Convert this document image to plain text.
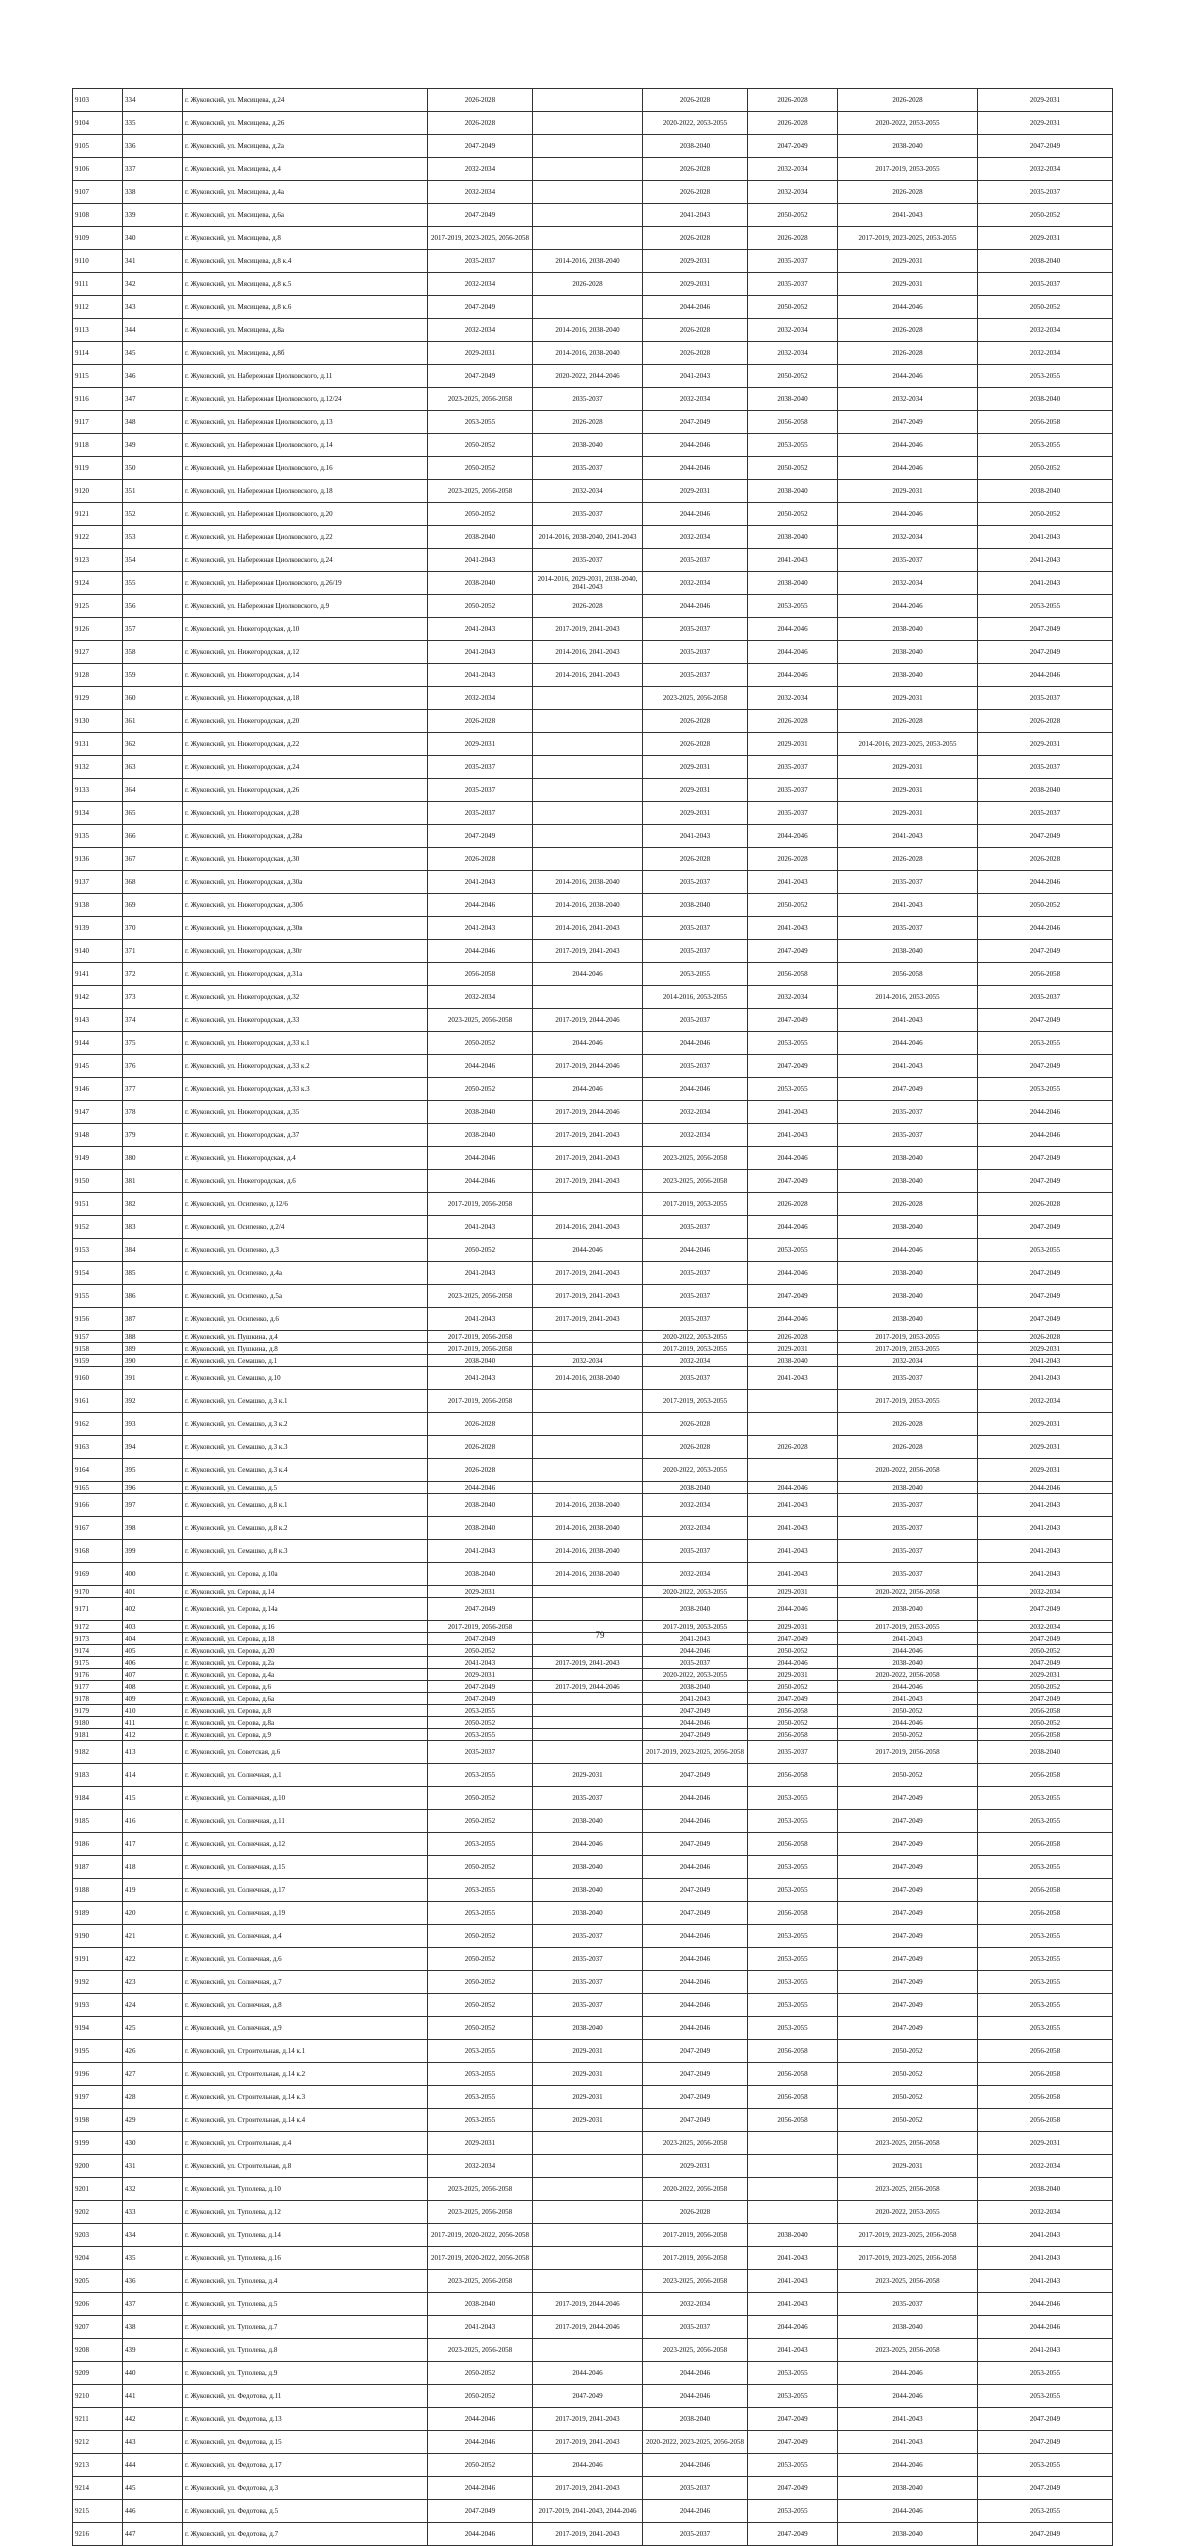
9103	334	г. Жуковский, ул. Мясищева, д.24	2026-2028		2026-2028	2026-2028	2026-2028	2029-2031
9104	335	г. Жуковский, ул. Мясищева, д.26	2026-2028		2020-2022, 2053-2055	2026-2028	2020-2022, 2053-2055	2029-2031
9105	336	г. Жуковский, ул. Мясищева, д.2а	2047-2049		2038-2040	2047-2049	2038-2040	2047-2049
9106	337	г. Жуковский, ул. Мясищева, д.4	2032-2034		2026-2028	2032-2034	2017-2019, 2053-2055	2032-2034
9107	338	г. Жуковский, ул. Мясищева, д.4а	2032-2034		2026-2028	2032-2034	2026-2028	2035-2037
9108	339	г. Жуковский, ул. Мясищева, д.6а	2047-2049		2041-2043	2050-2052	2041-2043	2050-2052
9109	340	г. Жуковский, ул. Мясищева, д.8	2017-2019, 2023-2025, 2056-2058		2026-2028	2026-2028	2017-2019, 2023-2025, 2053-2055	2029-2031
9110	341	г. Жуковский, ул. Мясищева, д.8 к.4	2035-2037	2014-2016, 2038-2040	2029-2031	2035-2037	2029-2031	2038-2040
9111	342	г. Жуковский, ул. Мясищева, д.8 к.5	2032-2034	2026-2028	2029-2031	2035-2037	2029-2031	2035-2037
9112	343	г. Жуковский, ул. Мясищева, д.8 к.6	2047-2049		2044-2046	2050-2052	2044-2046	2050-2052
9113	344	г. Жуковский, ул. Мясищева, д.8а	2032-2034	2014-2016, 2038-2040	2026-2028	2032-2034	2026-2028	2032-2034
9114	345	г. Жуковский, ул. Мясищева, д.8б	2029-2031	2014-2016, 2038-2040	2026-2028	2032-2034	2026-2028	2032-2034
9115	346	г. Жуковский, ул. Набережная Циолковского, д.11	2047-2049	2020-2022, 2044-2046	2041-2043	2050-2052	2044-2046	2053-2055
9116	347	г. Жуковский, ул. Набережная Циолковского, д.12/24	2023-2025, 2056-2058	2035-2037	2032-2034	2038-2040	2032-2034	2038-2040
9117	348	г. Жуковский, ул. Набережная Циолковского, д.13	2053-2055	2026-2028	2047-2049	2056-2058	2047-2049	2056-2058
9118	349	г. Жуковский, ул. Набережная Циолковского, д.14	2050-2052	2038-2040	2044-2046	2053-2055	2044-2046	2053-2055
9119	350	г. Жуковский, ул. Набережная Циолковского, д.16	2050-2052	2035-2037	2044-2046	2050-2052	2044-2046	2050-2052
9120	351	г. Жуковский, ул. Набережная Циолковского, д.18	2023-2025, 2056-2058	2032-2034	2029-2031	2038-2040	2029-2031	2038-2040
9121	352	г. Жуковский, ул. Набережная Циолковского, д.20	2050-2052	2035-2037	2044-2046	2050-2052	2044-2046	2050-2052
9122	353	г. Жуковский, ул. Набережная Циолковского, д.22	2038-2040	2014-2016, 2038-2040, 2041-2043	2032-2034	2038-2040	2032-2034	2041-2043
9123	354	г. Жуковский, ул. Набережная Циолковского, д.24	2041-2043	2035-2037	2035-2037	2041-2043	2035-2037	2041-2043
9124	355	г. Жуковский, ул. Набережная Циолковского, д.26/19	2038-2040	2014-2016, 2029-2031, 2038-2040, 2041-2043	2032-2034	2038-2040	2032-2034	2041-2043
9125	356	г. Жуковский, ул. Набережная Циолковского, д.9	2050-2052	2026-2028	2044-2046	2053-2055	2044-2046	2053-2055
9126	357	г. Жуковский, ул. Нижегородская, д.10	2041-2043	2017-2019, 2041-2043	2035-2037	2044-2046	2038-2040	2047-2049
9127	358	г. Жуковский, ул. Нижегородская, д.12	2041-2043	2014-2016, 2041-2043	2035-2037	2044-2046	2038-2040	2047-2049
9128	359	г. Жуковский, ул. Нижегородская, д.14	2041-2043	2014-2016, 2041-2043	2035-2037	2044-2046	2038-2040	2044-2046
9129	360	г. Жуковский, ул. Нижегородская, д.18	2032-2034		2023-2025, 2056-2058	2032-2034	2029-2031	2035-2037
9130	361	г. Жуковский, ул. Нижегородская, д.20	2026-2028		2026-2028	2026-2028	2026-2028	2026-2028
9131	362	г. Жуковский, ул. Нижегородская, д.22	2029-2031		2026-2028	2029-2031	2014-2016, 2023-2025, 2053-2055	2029-2031
9132	363	г. Жуковский, ул. Нижегородская, д.24	2035-2037		2029-2031	2035-2037	2029-2031	2035-2037
9133	364	г. Жуковский, ул. Нижегородская, д.26	2035-2037		2029-2031	2035-2037	2029-2031	2038-2040
9134	365	г. Жуковский, ул. Нижегородская, д.28	2035-2037		2029-2031	2035-2037	2029-2031	2035-2037
9135	366	г. Жуковский, ул. Нижегородская, д.28а	2047-2049		2041-2043	2044-2046	2041-2043	2047-2049
9136	367	г. Жуковский, ул. Нижегородская, д.30	2026-2028		2026-2028	2026-2028	2026-2028	2026-2028
9137	368	г. Жуковский, ул. Нижегородская, д.30а	2041-2043	2014-2016, 2038-2040	2035-2037	2041-2043	2035-2037	2044-2046
9138	369	г. Жуковский, ул. Нижегородская, д.30б	2044-2046	2014-2016, 2038-2040	2038-2040	2050-2052	2041-2043	2050-2052
9139	370	г. Жуковский, ул. Нижегородская, д.30в	2041-2043	2014-2016, 2041-2043	2035-2037	2041-2043	2035-2037	2044-2046
9140	371	г. Жуковский, ул. Нижегородская, д.30г	2044-2046	2017-2019, 2041-2043	2035-2037	2047-2049	2038-2040	2047-2049
9141	372	г. Жуковский, ул. Нижегородская, д.31а	2056-2058	2044-2046	2053-2055	2056-2058	2056-2058	2056-2058
9142	373	г. Жуковский, ул. Нижегородская, д.32	2032-2034		2014-2016, 2053-2055	2032-2034	2014-2016, 2053-2055	2035-2037
9143	374	г. Жуковский, ул. Нижегородская, д.33	2023-2025, 2056-2058	2017-2019, 2044-2046	2035-2037	2047-2049	2041-2043	2047-2049
9144	375	г. Жуковский, ул. Нижегородская, д.33 к.1	2050-2052	2044-2046	2044-2046	2053-2055	2044-2046	2053-2055
9145	376	г. Жуковский, ул. Нижегородская, д.33 к.2	2044-2046	2017-2019, 2044-2046	2035-2037	2047-2049	2041-2043	2047-2049
9146	377	г. Жуковский, ул. Нижегородская, д.33 к.3	2050-2052	2044-2046	2044-2046	2053-2055	2047-2049	2053-2055
9147	378	г. Жуковский, ул. Нижегородская, д.35	2038-2040	2017-2019, 2044-2046	2032-2034	2041-2043	2035-2037	2044-2046
9148	379	г. Жуковский, ул. Нижегородская, д.37	2038-2040	2017-2019, 2041-2043	2032-2034	2041-2043	2035-2037	2044-2046
9149	380	г. Жуковский, ул. Нижегородская, д.4	2044-2046	2017-2019, 2041-2043	2023-2025, 2056-2058	2044-2046	2038-2040	2047-2049
9150	381	г. Жуковский, ул. Нижегородская, д.6	2044-2046	2017-2019, 2041-2043	2023-2025, 2056-2058	2047-2049	2038-2040	2047-2049
9151	382	г. Жуковский, ул. Осипенко, д.12/6	2017-2019, 2056-2058		2017-2019, 2053-2055	2026-2028	2026-2028	2026-2028
9152	383	г. Жуковский, ул. Осипенко, д.2/4	2041-2043	2014-2016, 2041-2043	2035-2037	2044-2046	2038-2040	2047-2049
9153	384	г. Жуковский, ул. Осипенко, д.3	2050-2052	2044-2046	2044-2046	2053-2055	2044-2046	2053-2055
9154	385	г. Жуковский, ул. Осипенко, д.4а	2041-2043	2017-2019, 2041-2043	2035-2037	2044-2046	2038-2040	2047-2049
9155	386	г. Жуковский, ул. Осипенко, д.5а	2023-2025, 2056-2058	2017-2019, 2041-2043	2035-2037	2047-2049	2038-2040	2047-2049
9156	387	г. Жуковский, ул. Осипенко, д.6	2041-2043	2017-2019, 2041-2043	2035-2037	2044-2046	2038-2040	2047-2049
9157	388	г. Жуковский, ул. Пушкина, д.4	2017-2019, 2056-2058		2020-2022, 2053-2055	2026-2028	2017-2019, 2053-2055	2026-2028
9158	389	г. Жуковский, ул. Пушкина, д.8	2017-2019, 2056-2058		2017-2019, 2053-2055	2029-2031	2017-2019, 2053-2055	2029-2031
9159	390	г. Жуковский, ул. Семашко, д.1	2038-2040	2032-2034	2032-2034	2038-2040	2032-2034	2041-2043
9160	391	г. Жуковский, ул. Семашко, д.10	2041-2043	2014-2016, 2038-2040	2035-2037	2041-2043	2035-2037	2041-2043
9161	392	г. Жуковский, ул. Семашко, д.3 к.1	2017-2019, 2056-2058		2017-2019, 2053-2055		2017-2019, 2053-2055	2032-2034
9162	393	г. Жуковский, ул. Семашко, д.3 к.2	2026-2028		2026-2028		2026-2028	2029-2031
9163	394	г. Жуковский, ул. Семашко, д.3 к.3	2026-2028		2026-2028	2026-2028	2026-2028	2029-2031
9164	395	г. Жуковский, ул. Семашко, д.3 к.4	2026-2028		2020-2022, 2053-2055		2020-2022, 2056-2058	2029-2031
9165	396	г. Жуковский, ул. Семашко, д.5	2044-2046		2038-2040	2044-2046	2038-2040	2044-2046
9166	397	г. Жуковский, ул. Семашко, д.8 к.1	2038-2040	2014-2016, 2038-2040	2032-2034	2041-2043	2035-2037	2041-2043
9167	398	г. Жуковский, ул. Семашко, д.8 к.2	2038-2040	2014-2016, 2038-2040	2032-2034	2041-2043	2035-2037	2041-2043
9168	399	г. Жуковский, ул. Семашко, д.8 к.3	2041-2043	2014-2016, 2038-2040	2035-2037	2041-2043	2035-2037	2041-2043
9169	400	г. Жуковский, ул. Серова, д.10а	2038-2040	2014-2016, 2038-2040	2032-2034	2041-2043	2035-2037	2041-2043
9170	401	г. Жуковский, ул. Серова, д.14	2029-2031		2020-2022, 2053-2055	2029-2031	2020-2022, 2056-2058	2032-2034
9171	402	г. Жуковский, ул. Серова, д.14а	2047-2049		2038-2040	2044-2046	2038-2040	2047-2049
9172	403	г. Жуковский, ул. Серова, д.16	2017-2019, 2056-2058		2017-2019, 2053-2055	2029-2031	2017-2019, 2053-2055	2032-2034
9173	404	г. Жуковский, ул. Серова, д.18	2047-2049		2041-2043	2047-2049	2041-2043	2047-2049
9174	405	г. Жуковский, ул. Серова, д.20	2050-2052		2044-2046	2050-2052	2044-2046	2050-2052
9175	406	г. Жуковский, ул. Серова, д.2а	2041-2043	2017-2019, 2041-2043	2035-2037	2044-2046	2038-2040	2047-2049
9176	407	г. Жуковский, ул. Серова, д.4а	2029-2031		2020-2022, 2053-2055	2029-2031	2020-2022, 2056-2058	2029-2031
9177	408	г. Жуковский, ул. Серова, д.6	2047-2049	2017-2019, 2044-2046	2038-2040	2050-2052	2044-2046	2050-2052
9178	409	г. Жуковский, ул. Серова, д.6а	2047-2049		2041-2043	2047-2049	2041-2043	2047-2049
9179	410	г. Жуковский, ул. Серова, д.8	2053-2055		2047-2049	2056-2058	2050-2052	2056-2058
9180	411	г. Жуковский, ул. Серова, д.8а	2050-2052		2044-2046	2050-2052	2044-2046	2050-2052
9181	412	г. Жуковский, ул. Серова, д.9	2053-2055		2047-2049	2056-2058	2050-2052	2056-2058
9182	413	г. Жуковский, ул. Советская, д.6	2035-2037		2017-2019, 2023-2025, 2056-2058	2035-2037	2017-2019, 2056-2058	2038-2040
9183	414	г. Жуковский, ул. Солнечная, д.1	2053-2055	2029-2031	2047-2049	2056-2058	2050-2052	2056-2058
9184	415	г. Жуковский, ул. Солнечная, д.10	2050-2052	2035-2037	2044-2046	2053-2055	2047-2049	2053-2055
9185	416	г. Жуковский, ул. Солнечная, д.11	2050-2052	2038-2040	2044-2046	2053-2055	2047-2049	2053-2055
9186	417	г. Жуковский, ул. Солнечная, д.12	2053-2055	2044-2046	2047-2049	2056-2058	2047-2049	2056-2058
9187	418	г. Жуковский, ул. Солнечная, д.15	2050-2052	2038-2040	2044-2046	2053-2055	2047-2049	2053-2055
9188	419	г. Жуковский, ул. Солнечная, д.17	2053-2055	2038-2040	2047-2049	2053-2055	2047-2049	2056-2058
9189	420	г. Жуковский, ул. Солнечная, д.19	2053-2055	2038-2040	2047-2049	2056-2058	2047-2049	2056-2058
9190	421	г. Жуковский, ул. Солнечная, д.4	2050-2052	2035-2037	2044-2046	2053-2055	2047-2049	2053-2055
9191	422	г. Жуковский, ул. Солнечная, д.6	2050-2052	2035-2037	2044-2046	2053-2055	2047-2049	2053-2055
9192	423	г. Жуковский, ул. Солнечная, д.7	2050-2052	2035-2037	2044-2046	2053-2055	2047-2049	2053-2055
9193	424	г. Жуковский, ул. Солнечная, д.8	2050-2052	2035-2037	2044-2046	2053-2055	2047-2049	2053-2055
9194	425	г. Жуковский, ул. Солнечная, д.9	2050-2052	2038-2040	2044-2046	2053-2055	2047-2049	2053-2055
9195	426	г. Жуковский, ул. Строительная, д.14 к.1	2053-2055	2029-2031	2047-2049	2056-2058	2050-2052	2056-2058
9196	427	г. Жуковский, ул. Строительная, д.14 к.2	2053-2055	2029-2031	2047-2049	2056-2058	2050-2052	2056-2058
9197	428	г. Жуковский, ул. Строительная, д.14 к.3	2053-2055	2029-2031	2047-2049	2056-2058	2050-2052	2056-2058
9198	429	г. Жуковский, ул. Строительная, д.14 к.4	2053-2055	2029-2031	2047-2049	2056-2058	2050-2052	2056-2058
9199	430	г. Жуковский, ул. Строительная, д.4	2029-2031		2023-2025, 2056-2058		2023-2025, 2056-2058	2029-2031
9200	431	г. Жуковский, ул. Строительная, д.8	2032-2034		2029-2031		2029-2031	2032-2034
9201	432	г. Жуковский, ул. Туполева, д.10	2023-2025, 2056-2058		2020-2022, 2056-2058		2023-2025, 2056-2058	2038-2040
9202	433	г. Жуковский, ул. Туполева, д.12	2023-2025, 2056-2058		2026-2028		2020-2022, 2053-2055	2032-2034
9203	434	г. Жуковский, ул. Туполева, д.14	2017-2019, 2020-2022, 2056-2058		2017-2019, 2056-2058	2038-2040	2017-2019, 2023-2025, 2056-2058	2041-2043
9204	435	г. Жуковский, ул. Туполева, д.16	2017-2019, 2020-2022, 2056-2058		2017-2019, 2056-2058	2041-2043	2017-2019, 2023-2025, 2056-2058	2041-2043
9205	436	г. Жуковский, ул. Туполева, д.4	2023-2025, 2056-2058		2023-2025, 2056-2058	2041-2043	2023-2025, 2056-2058	2041-2043
9206	437	г. Жуковский, ул. Туполева, д.5	2038-2040	2017-2019, 2044-2046	2032-2034	2041-2043	2035-2037	2044-2046
9207	438	г. Жуковский, ул. Туполева, д.7	2041-2043	2017-2019, 2044-2046	2035-2037	2044-2046	2038-2040	2044-2046
9208	439	г. Жуковский, ул. Туполева, д.8	2023-2025, 2056-2058		2023-2025, 2056-2058	2041-2043	2023-2025, 2056-2058	2041-2043
9209	440	г. Жуковский, ул. Туполева, д.9	2050-2052	2044-2046	2044-2046	2053-2055	2044-2046	2053-2055
9210	441	г. Жуковский, ул. Федотова, д.11	2050-2052	2047-2049	2044-2046	2053-2055	2044-2046	2053-2055
9211	442	г. Жуковский, ул. Федотова, д.13	2044-2046	2017-2019, 2041-2043	2038-2040	2047-2049	2041-2043	2047-2049
9212	443	г. Жуковский, ул. Федотова, д.15	2044-2046	2017-2019, 2041-2043	2020-2022, 2023-2025, 2056-2058	2047-2049	2041-2043	2047-2049
9213	444	г. Жуковский, ул. Федотова, д.17	2050-2052	2044-2046	2044-2046	2053-2055	2044-2046	2053-2055
9214	445	г. Жуковский, ул. Федотова, д.3	2044-2046	2017-2019, 2041-2043	2035-2037	2047-2049	2038-2040	2047-2049
9215	446	г. Жуковский, ул. Федотова, д.5	2047-2049	2017-2019, 2041-2043, 2044-2046	2044-2046	2053-2055	2044-2046	2053-2055
9216	447	г. Жуковский, ул. Федотова, д.7	2044-2046	2017-2019, 2041-2043	2035-2037	2047-2049	2038-2040	2047-2049
79
